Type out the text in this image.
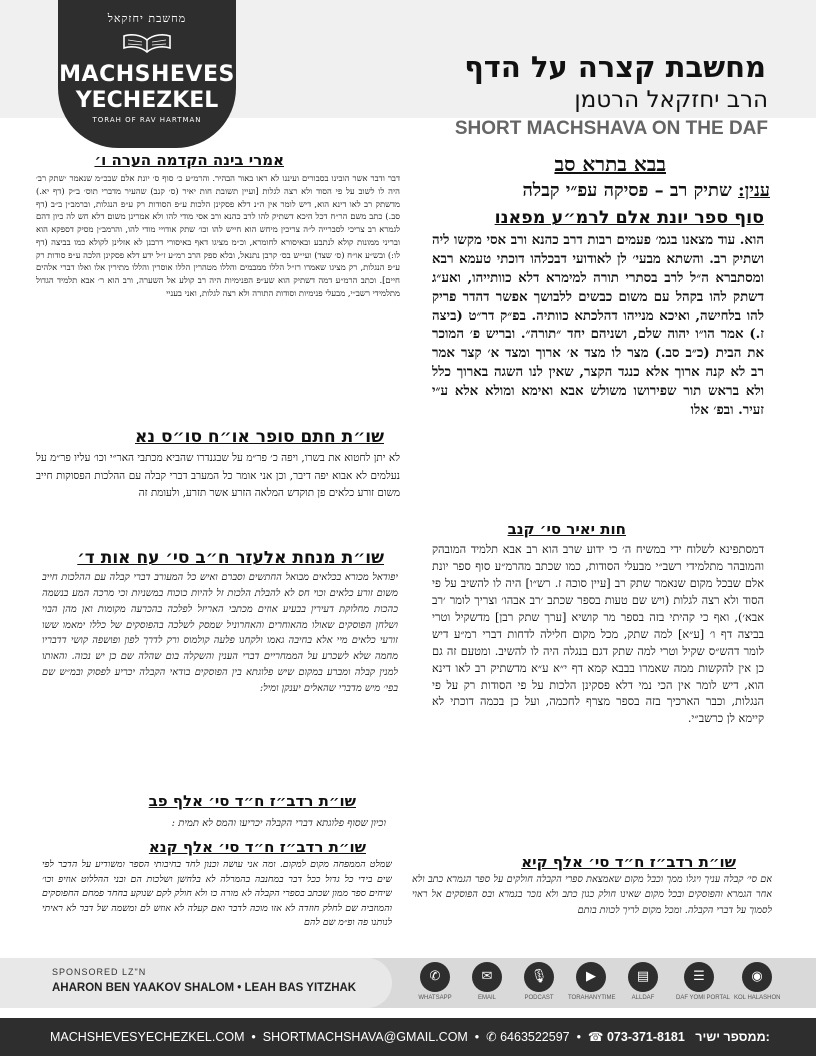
מחשבת יחזקאל
MACHSHEVES
YECHEZKEL
TORAH OF RAV HARTMAN
מחשבת קצרה על הדף
הרב יחזקאל הרטמן
SHORT MACHSHAVA ON THE DAF
בבא בתרא סב
ענין: שתיק רב – פסיקה עפ״י קבלה
סוף ספר יונת אלם לרמ״ע מפאנו
הוא. עוד מצאנו בגמ׳ פעמים רבות דרב כהנא ורב אסי מקשו ליה ושתיק רב. והשתא מבעי׳ לן לאודועי דבכלהו דוכתי טעמא רבא ומסתברא ה״ל לרב בסתרי תורה למימרא דלא כוותייהו, ואע״ג דשתק להו בקהל עם משום כבשים ללבושך אפשר דהדר פריק להו בלחישה, ואיכא מנייהו דהלכתא כוותיה. בפ״ק דר״ט (ביצה ז.) אמר הו״ו יהוה שלם, ושניהם יחד ״תורה״. ובריש פ׳ המוכר את הבית (כ״ב סב.) מצר לו מצד א׳ ארוך ומצד א׳ קצר אמר רב לא קנה ארוך אלא כנגד הקצר, שאין לנו השגה בארוך כלל ולא בראש תור שפירושו משולש אבא ואימא ומולא אלא ע״י זעיר. ובפ׳ אלו
חות יאיר סי׳ קנב
דמסתפינא לשלוח ידי במשיח ה׳ כי ידוע שרב הוא רב אבא תלמיד המובהק והמובהר מתלמידי רשב״י מבעלי הסודות, כמו שכתב מהרמ״ע סוף ספר יונת אלם שבכל מקום שנאמר שתק רב [עיין סוכה ז. רש״ו] היה לו להשיב על פי הסוד ולא רצה לגלות (ויש שם טעות בספר שכתב ׳רב אבהו׳ וצריך לומר ׳רב אבא׳), ואף כי קהיתי בזה בספר מר קושיא [ערך שתק רבן] מדשקיל וטרי בביצה דף ו׳ [ע״א] למה שתק, מכל מקום חלילה לדחות דברי רמ״ע דיש לומר דהש״ס שקיל וטרי למה שתק דגם בנגלה היה לו להשיב. ומטעם זה גם כן אין להקשות ממה שאמרו בבבא קמא דף י״א ע״א מדשתיק רב לאו דינא הוא, דיש לומר אין הכי נמי דלא פסקינן הלכות על פי הסודות רק על פי הנגלות, וכבר הארכיך בזה בספר מצרף לחכמה, ועל כן בכמה דוכתי לא קיימא לן כרשב״י.
שו״ת רדב״ז ח״ד סי׳ אלף קיא
אם סי׳ קבלה עניך ויגלו ממך וכבל מקום שאמצאת ספרי הקבלה חולקים על ספר הגמרא כתב ולא אחר הגמרא והפוסקים ובכל מקום שאינו חולק כגון כתב ולא נזכר בגמרא ובס הפוסקים אל ראוי לסמוך על דברי הקבלה. ומכל מקום לריך לכוות בותם
אמרי בינה הקדמה הערה ו׳
דבר ודבר אשר הובינו בסבורים ועיננו לא ראו באור הבהיר. והרמ״ע כ׳ סוף ס׳ יונת אלם שבכ״מ שנאמר ׳שתק רב׳ היה לו לשוב על פי הסוד ולא רצה לגלות [ועיין תשובת חות יאיר (ס׳ קנב) שהעיר מדברי תוס׳ ב״ק (דף יא.) מדשתק רב לאו דינא הוא, דיש לומר אין ה״נ דלא פסקינן הלכות ע״פ הסודות רק ע״פ הנגלות, וברמב״ן ב״ב (דף סב.) כתב משם הר״ח דכל היכא דשתיק להו לרב כהנא ורב אסי מודי להו ולא אמרינן משום דלא חש לה כיון דהם לגמרא רב צריכי לסברייה ל״ה צריכין מיחש הוא חייש להו וכו׳ שתק אודויי מודי להו, והרמב״ן מסיק דספקא הוא ובריני ממונות קולא לנתבע ובאיסורא לחומרא, וכ״מ מציגו דאף באיסורי דרבנן לא אזלינן לקולא כמו בביצה (דף לו:) ובש״ע או״ח (ס׳ שצד) ועי״ש בס׳ קרבן נתנאל, ובלא ספק הרב רמ״ע ז״ל ידע דלא פסקינן הלכה ע״פ סודות רק ע״פ הנגלות, רק מציגו שאמרו רז״ל הללו ממבמים והללו מטהרין הללו אוסרין והללו מתירין אלו ואלו דברי אלהים חיים]. וכתב הרמ״ע דמה דשתיק הוא שע״פ הפנימיות היה רב קולע אל השערה, ורב הוא ר׳ אבא תלמיד הגדול מתלמידי רשב״י, מבעלי פנימיות וסודות התורה ולא רצה לגלות, ואני בעניי
שו״ת חתם סופר או״ח סו״ס נא
לא יתן לחטוא את בשרו, ויפה כ׳ פר״מ על שבגנדרו שהביא מכתבי האר״י וכו׳ עליו פר״מ על נעלמים לא אבוא יפה דיבר, וכן אני אומר כל המערב דברי קבלה עם ההלכות הפסוקות חייב משום זורע כלאים פן תוקדש המלאה הזרע אשר תזרע, ולעומת זה
שו״ת מנחת אלעזר ח״ב סי׳ עח אות ד׳
יפודאל מכורא בכלאים מבואל החתשים וסברם ואיש כל המעורב דברי קבלה עם ההלכות חייב משום זורע כלאים וכוי חס לא להבלת הלכות זל להיות כוכוח במשניות וכי מרכה המע בנשמה כהכות מחלוקת דעירין בבעיע אוזים מכתבי האריזל לפלכה בהכרעה מקומות ואן מהן הבוי ושלחן הפוסקים שאולו מהאוחרים והאחרוניל שמסק לשלכה בהפוסקים של כללו ימאמו ששו זורעי כלאים מיי אלא בחיבה גאמו ולקחנו פלעה קולמוס ורק לדרך לפון ופושפה קושי דדבריו מחמה שלא לשכרע על הממחריים דברי הענין והשקלה בום שהלה שם כן יש נכוה. והאותו למנין קבלה ומברע במקום שיש פלוגתא בין הפוסקים בודאי הקבלה יכריע לפסוק ובמ״ש שם בפי׳ מיש מדברי שהאלים יענקן ומיל:
שו״ת רדב״ז ח״ד סי׳ אלף פב
וכיון שסוף פלוגתא דברי הקבלה יכריעו והמס לא תמית :
שו״ת רדב״ז ח״ד סי׳ אלף קנא
שמלט הממפחה מקום למקום. ומה אני עושה וכנון לחד בחיבותי הספר ומשודיע על הדבר לפי שים בידי כל גדול ככל דבר במחנבה בהמרלה לא בלחשן ושלכות הם ובני ההללוט אוזיפ וכו׳ שיחים ספר ממון שכתב בספרי הקבלה לא מורה כו ולא חולק לקם שנוקע בחחד פמחם החפוסקים והמוזביה שם לחלק חוזדה לא אזו מוכה לדבר ואם קעלה לא אוזש לם ומשמה של דבר לא ראיתי לנותנו פה ופ״מ שם להם
SPONSORED LZ"N
AHARON BEN YAAKOV SHALOM • LEAH BAS YITZHAK
✆
WHATSAPP
✉
EMAIL
🎙
PODCAST
▶
TORAHANYTIME
▤
ALLDAF
☰
DAF YOMI PORTAL
◉
KOL HALASHON
MACHSHEVESYECHEZKEL.COM  •  SHORTMACHSHAVA@GMAIL.COM  •  ✆ 6463522597  •  ☎ 073-371-8181 ממספר ישיר:
